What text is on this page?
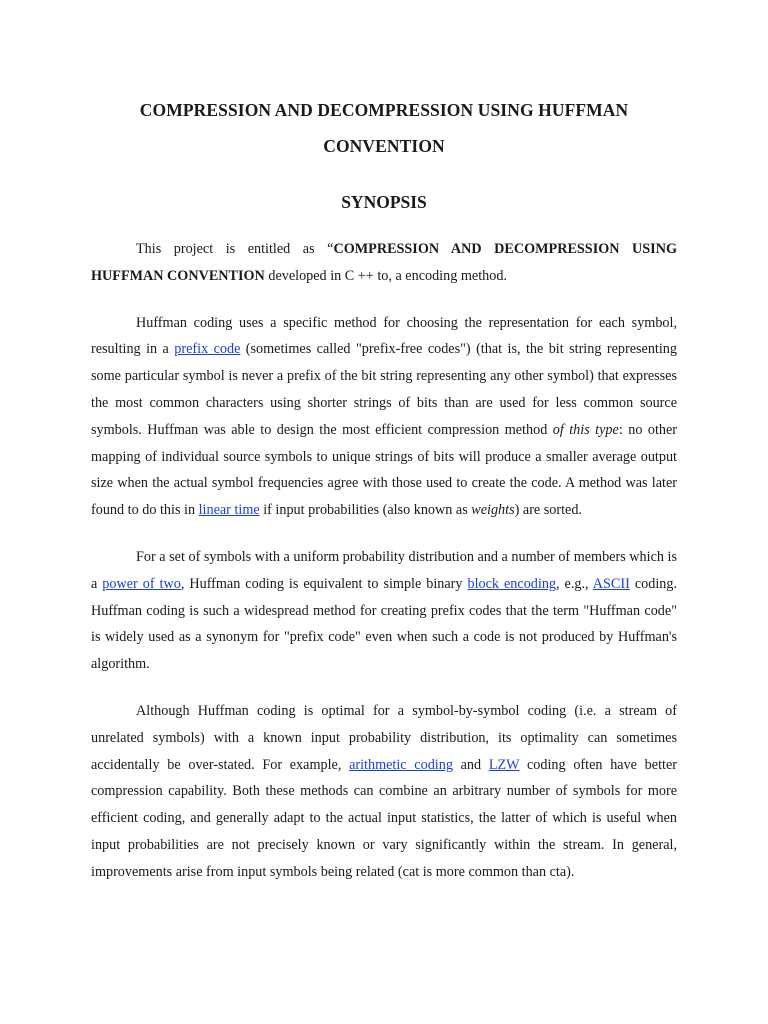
COMPRESSION AND DECOMPRESSION USING HUFFMAN CONVENTION
SYNOPSIS

This project is entitled as “COMPRESSION AND DECOMPRESSION USING HUFFMAN CONVENTION developed in C ++ to, a encoding method.

Huffman coding uses a specific method for choosing the representation for each symbol, resulting in a prefix code (sometimes called "prefix-free codes") (that is, the bit string representing some particular symbol is never a prefix of the bit string representing any other symbol) that expresses the most common characters using shorter strings of bits than are used for less common source symbols. Huffman was able to design the most efficient compression method of this type: no other mapping of individual source symbols to unique strings of bits will produce a smaller average output size when the actual symbol frequencies agree with those used to create the code. A method was later found to do this in linear time if input probabilities (also known as weights) are sorted.

For a set of symbols with a uniform probability distribution and a number of members which is a power of two, Huffman coding is equivalent to simple binary block encoding, e.g., ASCII coding. Huffman coding is such a widespread method for creating prefix codes that the term "Huffman code" is widely used as a synonym for "prefix code" even when such a code is not produced by Huffman's algorithm.

Although Huffman coding is optimal for a symbol-by-symbol coding (i.e. a stream of unrelated symbols) with a known input probability distribution, its optimality can sometimes accidentally be over-stated. For example, arithmetic coding and LZW coding often have better compression capability. Both these methods can combine an arbitrary number of symbols for more efficient coding, and generally adapt to the actual input statistics, the latter of which is useful when input probabilities are not precisely known or vary significantly within the stream. In general, improvements arise from input symbols being related (cat is more common than cta).
